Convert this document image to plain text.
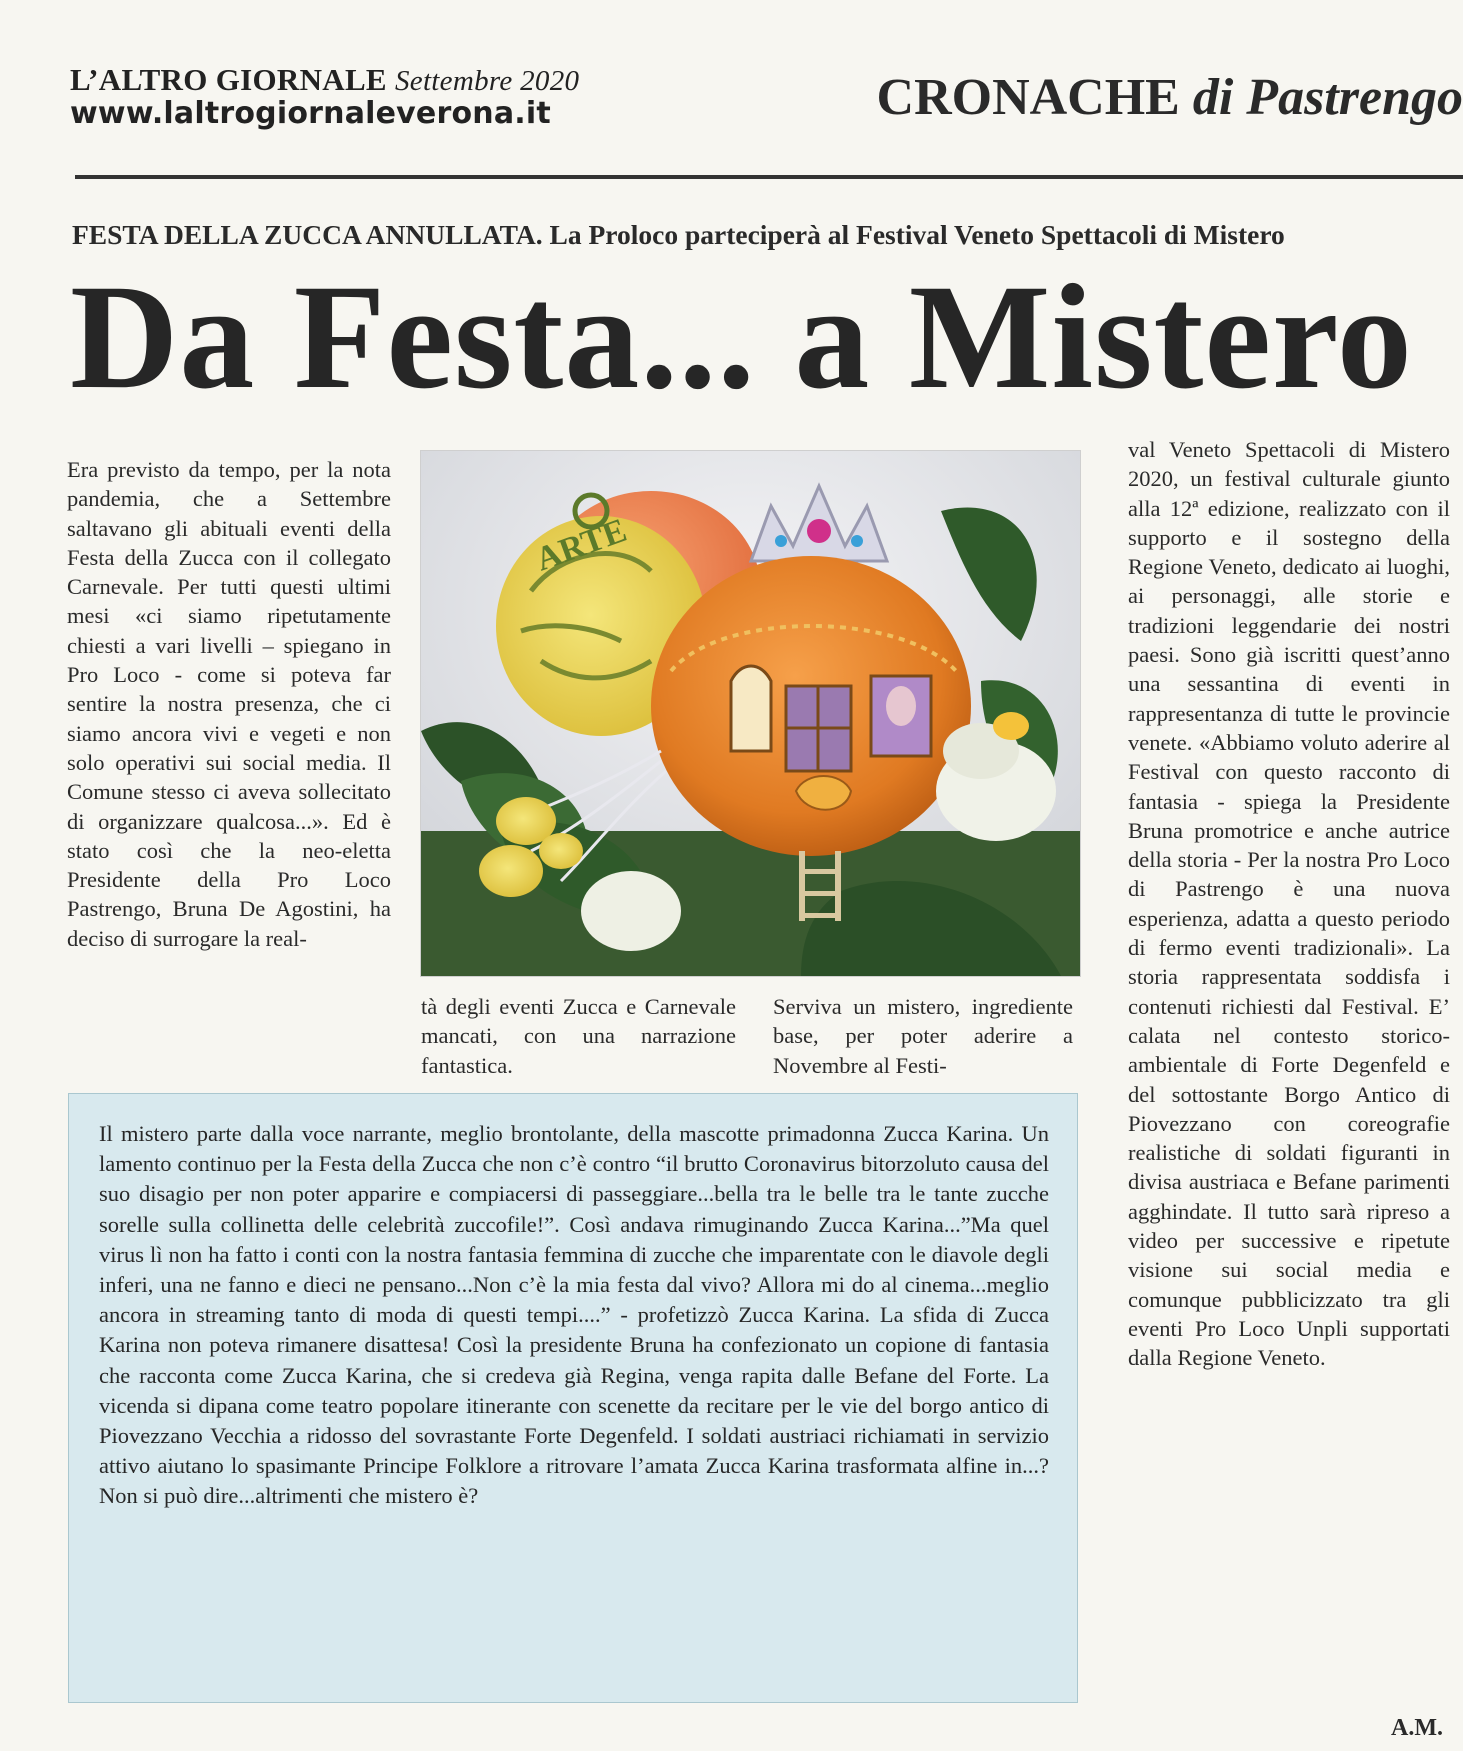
L’ALTRO GIORNALE Settembre 2020
www.laltrogiornaleverona.it	CRONACHE di Pastrengo
FESTA DELLA ZUCCA ANNULLATA. La Proloco parteciperà al Festival Veneto Spettacoli di Mistero
Da Festa... a Mistero
Era previsto da tempo, per la nota pandemia, che a Settembre saltavano gli abituali eventi della Festa della Zucca con il collegato Carnevale. Per tutti questi ultimi mesi «ci siamo ripetutamente chiesti a vari livelli – spiegano in Pro Loco - come si poteva far sentire la nostra presenza, che ci siamo ancora vivi e vegeti e non solo operativi sui social media. Il Comune stesso ci aveva sollecitato di organizzare qualcosa...». Ed è stato così che la neo-eletta Presidente della Pro Loco Pastrengo, Bruna De Agostini, ha deciso di surrogare la real-
ARTE
tà degli eventi Zucca e Carnevale mancati, con una narrazione fantastica.
Serviva un mistero, ingrediente base, per poter aderire a Novembre al Festi-
val Veneto Spettacoli di Mistero 2020, un festival culturale giunto alla 12ª edizione, realizzato con il supporto e il sostegno della Regione Veneto, dedicato ai luoghi, ai personaggi, alle storie e tradizioni leggendarie dei nostri paesi. Sono già iscritti quest’anno una sessantina di eventi in rappresentanza di tutte le provincie venete. «Abbiamo voluto aderire al Festival con questo racconto di fantasia - spiega la Presidente Bruna promotrice e anche autrice della storia - Per la nostra Pro Loco di Pastrengo è una nuova esperienza, adatta a questo periodo di fermo eventi tradizionali». La storia rappresentata soddisfa i contenuti richiesti dal Festival. E’ calata nel contesto storico-ambientale di Forte Degenfeld e del sottostante Borgo Antico di Piovezzano con coreografie realistiche di soldati figuranti in divisa austriaca e Befane parimenti agghindate. Il tutto sarà ripreso a video per successive e ripetute visione sui social media e comunque pubblicizzato tra gli eventi Pro Loco Unpli supportati dalla Regione Veneto.

Il mistero parte dalla voce narrante, meglio brontolante, della mascotte primadonna Zucca Karina. Un lamento continuo per la Festa della Zucca che non c’è contro “il brutto Coronavirus bitorzoluto causa del suo disagio per non poter apparire e compiacersi di passeggiare...bella tra le belle tra le tante zucche sorelle sulla collinetta delle celebrità zuccofile!”. Così andava rimuginando Zucca Karina...”Ma quel virus lì non ha fatto i conti con la nostra fantasia femmina di zucche che imparentate con le diavole degli inferi, una ne fanno e dieci ne pensano...Non c’è la mia festa dal vivo? Allora mi do al cinema...meglio ancora in streaming tanto di moda di questi tempi....” - profetizzò Zucca Karina. La sfida di Zucca Karina non poteva rimanere disattesa! Così la presidente Bruna ha confezionato un copione di fantasia che racconta come Zucca Karina, che si credeva già Regina, venga rapita dalle Befane del Forte. La vicenda si dipana come teatro popolare itinerante con scenette da recitare per le vie del borgo antico di Piovezzano Vecchia a ridosso del sovrastante Forte Degenfeld. I soldati austriaci richiamati in servizio attivo aiutano lo spasimante Principe Folklore a ritrovare l’amata Zucca Karina trasformata alfine in...? Non si può dire...altrimenti che mistero è?

A.M.
